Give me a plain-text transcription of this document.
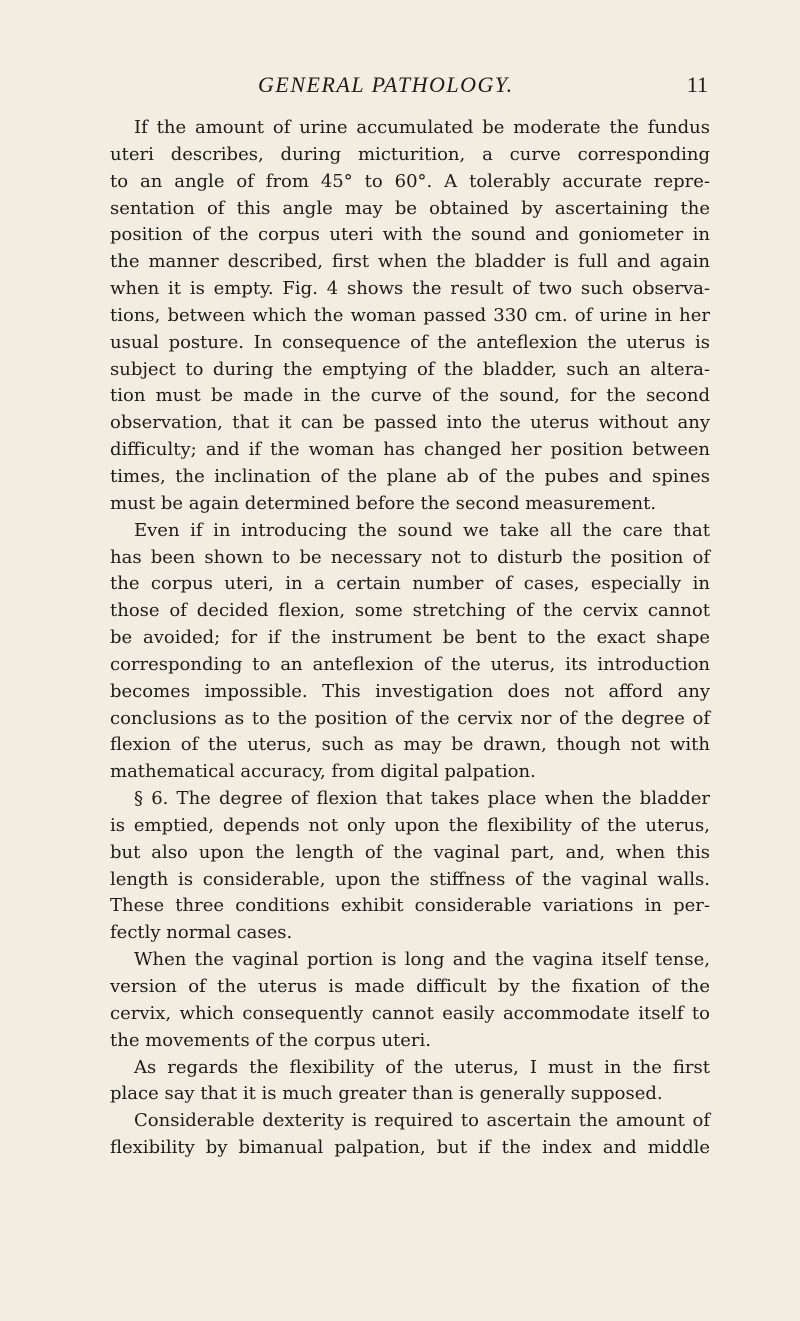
GENERAL PATHOLOGY.	11
If the amount of urine accumulated be moderate the fundus
uteri describes, during micturition, a curve corresponding
to an angle of from 45° to 60°. A tolerably accurate repre-
sentation of this angle may be obtained by ascertaining the
position of the corpus uteri with the sound and goniometer in
the manner described, first when the bladder is full and again
when it is empty. Fig. 4 shows the result of two such observa-
tions, between which the woman passed 330 cm. of urine in her
usual posture. In consequence of the anteflexion the uterus is
subject to during the emptying of the bladder, such an altera-
tion must be made in the curve of the sound, for the second
observation, that it can be passed into the uterus without any
difficulty; and if the woman has changed her position between
times, the inclination of the plane ab of the pubes and spines
must be again determined before the second measurement.
Even if in introducing the sound we take all the care that
has been shown to be necessary not to disturb the position of
the corpus uteri, in a certain number of cases, especially in
those of decided flexion, some stretching of the cervix cannot
be avoided; for if the instrument be bent to the exact shape
corresponding to an anteflexion of the uterus, its introduction
becomes impossible. This investigation does not afford any
conclusions as to the position of the cervix nor of the degree of
flexion of the uterus, such as may be drawn, though not with
mathematical accuracy, from digital palpation.
§ 6. The degree of flexion that takes place when the bladder
is emptied, depends not only upon the flexibility of the uterus,
but also upon the length of the vaginal part, and, when this
length is considerable, upon the stiffness of the vaginal walls.
These three conditions exhibit considerable variations in per-
fectly normal cases.
When the vaginal portion is long and the vagina itself tense,
version of the uterus is made difficult by the fixation of the
cervix, which consequently cannot easily accommodate itself to
the movements of the corpus uteri.
As regards the flexibility of the uterus, I must in the first
place say that it is much greater than is generally supposed.
Considerable dexterity is required to ascertain the amount of
flexibility by bimanual palpation, but if the index and middle
